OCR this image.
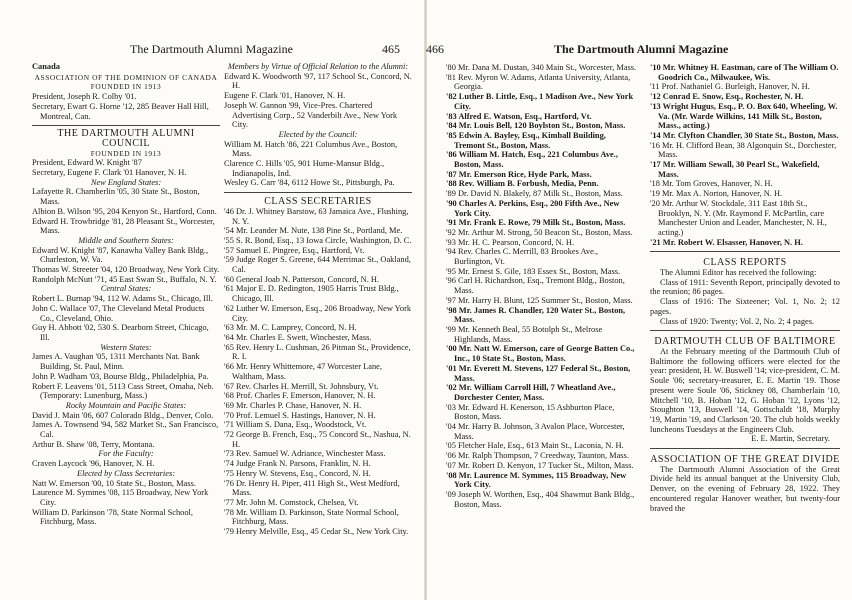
The Dartmouth Alumni Magazine	465

Canada

ASSOCIATION OF THE DOMINION OF CANADA

FOUNDED IN 1913

President, Joseph R. Colby '01.

Secretary, Ewart G. Horne '12, 285 Beaver Hall Hill, Montreal, Can.

THE DARTMOUTH ALUMNI COUNCIL

FOUNDED IN 1913

President, Edward W. Knight '87

Secretary, Eugene F. Clark '01 Hanover, N. H.

New England States:

Lafayette R. Chamberlin '05, 30 State St., Boston, Mass.

Albion B. Wilson '95, 204 Kenyon St., Hartford, Conn.

Edward H. Trowbridge '81, 28 Pleasant St., Worcester, Mass.

Middle and Southern States:

Edward W. Knight '87, Kanawha Valley Bank Bldg., Charleston, W. Va.

Thomas W. Streeter '04, 120 Broadway, New York City.

Randolph McNutt '71, 45 East Swan St., Buffalo, N. Y.

Central States:

Robert L. Burnap '94, 112 W. Adams St., Chicago, Ill.

John C. Wallace '07, The Cleveland Metal Products Co., Cleveland, Ohio.

Guy H. Abbott '02, 530 S. Dearborn Street, Chicago, Ill.

Western States:

James A. Vaughan '05, 1311 Merchants Nat. Bank Building, St. Paul, Minn.

John P. Wadham '03, Bourse Bldg., Philadelphia, Pa.

Robert F. Leavens '01, 5113 Cass Street, Omaha, Neb. (Temporary: Lunenburg, Mass.)

Rocky Mountain and Pacific States:

David J. Main '06, 607 Colorado Bldg., Denver, Colo.

James A. Townsend '94, 582 Market St., San Francisco, Cal.

Arthur B. Shaw '08, Terry, Montana.

For the Faculty:

Craven Laycock '96, Hanover, N. H.

Elected by Class Secretaries:

Natt W. Emerson '00, 10 State St., Boston, Mass.

Laurence M. Symmes '08, 115 Broadway, New York City.

William D. Parkinson '78, State Normal School, Fitchburg, Mass.

Members by Virtue of Official Relation to the Alumni:

Edward K. Woodworth '97, 117 School St., Concord, N. H.

Eugene F. Clark '01, Hanover, N. H.

Joseph W. Gannon '99, Vice-Pres. Chartered Advertising Corp., 52 Vanderbilt Ave., New York City.

Elected by the Council:

William M. Hatch '86, 221 Columbus Ave., Boston, Mass.

Clarence C. Hills '05, 901 Hume-Mansur Bldg., Indianapolis, Ind.

Wesley G. Carr '84, 6112 Howe St., Pittsburgh, Pa.

CLASS SECRETARIES

'46 Dr. J. Whitney Barstow, 63 Jamaica Ave., Flushing, N. Y.

'54 Mr. Leander M. Nute, 138 Pine St., Portland, Me.

'55 S. R. Bond, Esq., 13 Iowa Circle, Washington, D. C.

'57 Samuel E. Pingree, Esq., Hartford, Vt.

'59 Judge Roger S. Greene, 644 Merrimac St., Oakland, Cal.

'60 General Joab N. Patterson, Concord, N. H.

'61 Major E. D. Redington, 1905 Harris Trust Bldg., Chicago, Ill.

'62 Luther W. Emerson, Esq., 206 Broadway, New York City.

'63 Mr. M. C. Lamprey, Concord, N. H.

'64 Mr. Charles E. Swett, Winchester, Mass.

'65 Rev. Henry L. Cushman, 26 Pitman St., Providence, R. I.

'66 Mr. Henry Whittemore, 47 Worcester Lane, Waltham, Mass.

'67 Rev. Charles H. Merrill, St. Johnsbury, Vt.

'68 Prof. Charles F. Emerson, Hanover, N. H.

'69 Mr. Charles P. Chase, Hanover, N. H.

'70 Prof. Lemuel S. Hastings, Hanover, N. H.

'71 William S. Dana, Esq., Woodstock, Vt.

'72 George B. French, Esq., 75 Concord St., Nashua, N. H.

'73 Rev. Samuel W. Adriance, Winchester Mass.

'74 Judge Frank N. Parsons, Franklin, N. H.

'75 Henry W. Stevens, Esq., Concord, N. H.

'76 Dr. Henry H. Piper, 411 High St., West Medford, Mass.

'77 Mr. John M. Comstock, Chelsea, Vt.

'78 Mr. William D. Parkinson, State Normal School, Fitchburg, Mass.

'79 Henry Melville, Esq., 45 Cedar St., New York City.

466	The Dartmouth Alumni Magazine

'80 Mr. Dana M. Dustan, 340 Main St., Worcester, Mass.

'81 Rev. Myron W. Adams, Atlanta University, Atlanta, Georgia.

'82 Luther B. Little, Esq., 1 Madison Ave., New York City.

'83 Alfred E. Watson, Esq., Hartford, Vt.

'84 Mr. Louis Bell, 120 Boylston St., Boston, Mass.

'85 Edwin A. Bayley, Esq., Kimball Building, Tremont St., Boston, Mass.

'86 William M. Hatch, Esq., 221 Columbus Ave., Boston, Mass.

'87 Mr. Emerson Rice, Hyde Park, Mass.

'88 Rev. William B. Forbush, Media, Penn.

'89 Dr. David N. Blakely, 87 Milk St., Boston, Mass.

'90 Charles A. Perkins, Esq., 200 Fifth Ave., New York City.

'91 Mr. Frank E. Rowe, 79 Milk St., Boston, Mass.

'92 Mr. Arthur M. Strong, 50 Beacon St., Boston, Mass.

'93 Mr. H. C. Pearson, Concord, N. H.

'94 Rev. Charles C. Merrill, 83 Brookes Ave., Burlington, Vt.

'95 Mr. Ernest S. Gile, 183 Essex St., Boston, Mass.

'96 Carl H. Richardson, Esq., Tremont Bldg., Boston, Mass.

'97 Mr. Harry H. Blunt, 125 Summer St., Boston, Mass.

'98 Mr. James R. Chandler, 120 Water St., Boston, Mass.

'99 Mr. Kenneth Beal, 55 Botolph St., Melrose Highlands, Mass.

'00 Mr. Natt W. Emerson, care of George Batten Co., Inc., 10 State St., Boston, Mass.

'01 Mr. Everett M. Stevens, 127 Federal St., Boston, Mass.

'02 Mr. William Carroll Hill, 7 Wheatland Ave., Dorchester Center, Mass.

'03 Mr. Edward H. Kenerson, 15 Ashburton Place, Boston, Mass.

'04 Mr. Harry B. Johnson, 3 Avalon Place, Worcester, Mass.

'05 Fletcher Hale, Esq., 613 Main St., Laconia, N. H.

'06 Mr. Ralph Thompson, 7 Creedway, Taunton, Mass.

'07 Mr. Robert D. Kenyon, 17 Tucker St., Milton, Mass.

'08 Mr. Laurence M. Symmes, 115 Broadway, New York City.

'09 Joseph W. Worthen, Esq., 404 Shawmut Bank Bldg., Boston, Mass.

'10 Mr. Whitney H. Eastman, care of The William O. Goodrich Co., Milwaukee, Wis.

'11 Prof. Nathaniel G. Burleigh, Hanover, N. H.

'12 Conrad E. Snow, Esq., Rochester, N. H.

'13 Wright Hugus, Esq., P. O. Box 640, Wheeling, W. Va. (Mr. Warde Wilkins, 141 Milk St., Boston, Mass., acting.)

'14 Mr. Clyfton Chandler, 30 State St., Boston, Mass.

'16 Mr. H. Clifford Bean, 38 Algonquin St., Dorchester, Mass.

'17 Mr. William Sewall, 30 Pearl St., Wakefield, Mass.

'18 Mr. Tom Groves, Hanover, N. H.

'19 Mr. Max A. Norton, Hanover, N. H.

'20 Mr. Arthur W. Stockdale, 311 East 18th St., Brooklyn, N. Y. (Mr. Raymond F. McPartlin, care Manchester Union and Leader, Manchester, N. H., acting.)

'21 Mr. Robert W. Elsasser, Hanover, N. H.

CLASS REPORTS

The Alumni Editor has received the following:

Class of 1911: Seventh Report, principally devoted to the reunion; 86 pages.

Class of 1916: The Sixteener; Vol. 1, No. 2; 12 pages.

Class of 1920: Twenty; Vol. 2, No. 2; 4 pages.

DARTMOUTH CLUB OF BALTIMORE

At the February meeting of the Dartmouth Club of Baltimore the following officers were elected for the year: president, H. W. Buswell '14; vice-president, C. M. Soule '06; secretary-treasurer, E. E. Martin '19. Those present were Soule '06, Stickney 08, Chamberlain '10, Mitchell '10, B. Hoban '12, G. Hoban '12, Lyons '12, Stoughton '13, Buswell '14, Gottschaldt '18, Murphy '19, Martin '19, and Clarkson '20. The club holds weekly luncheons Tuesdays at the Engineers Club.

E. E. Martin, Secretary.

ASSOCIATION OF THE GREAT DIVIDE

The Dartmouth Alumni Association of the Great Divide held its annual banquet at the University Club, Denver, on the evening of February 28, 1922. They encountered regular Hanover weather, but twenty-four braved the
